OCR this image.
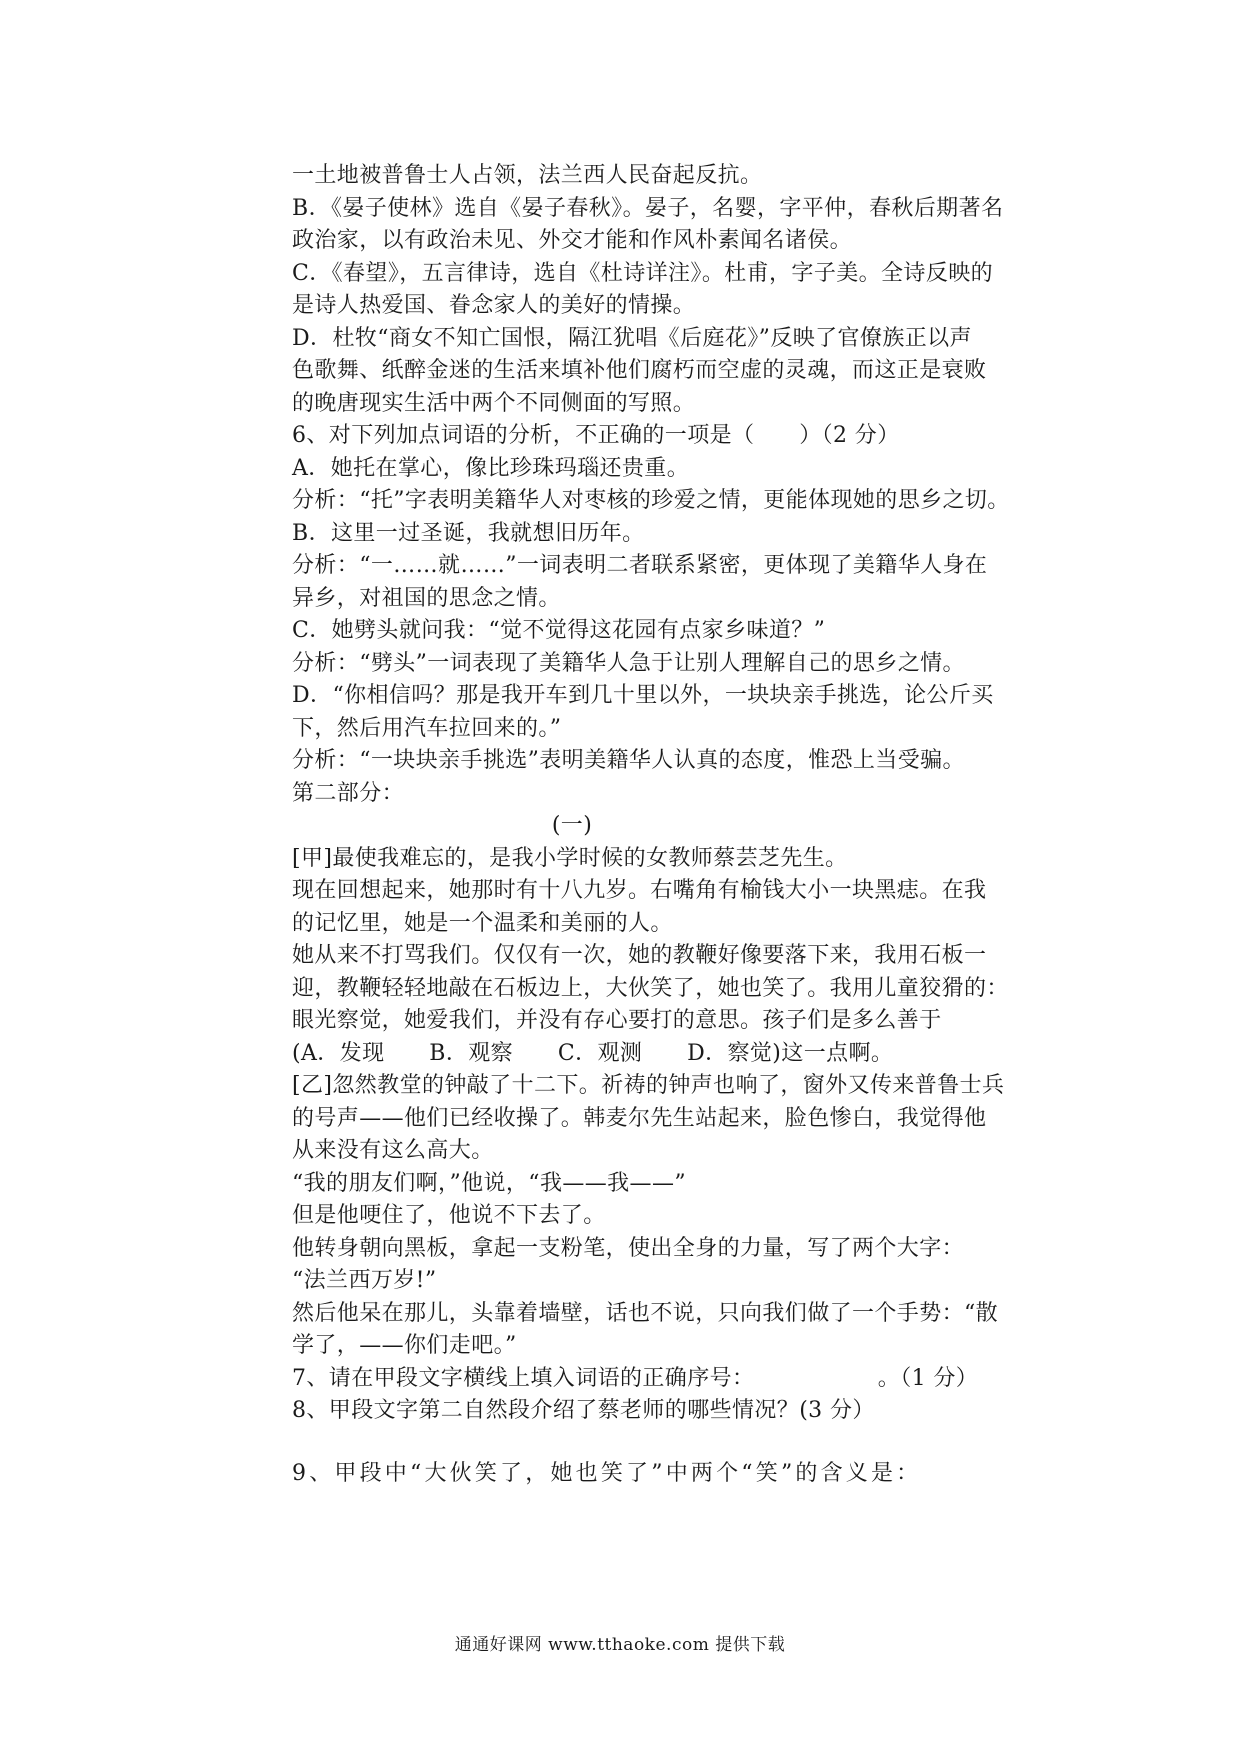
一土地被普鲁士人占领，法兰西人民奋起反抗。
B．《晏子使林》选自《晏子春秋》。晏子，名婴，字平仲，春秋后期著名
政治家，以有政治未见、外交才能和作风朴素闻名诸侯。
C．《春望》，五言律诗，选自《杜诗详注》。杜甫，字子美。全诗反映的
是诗人热爱国、眷念家人的美好的情操。
D．杜牧“商女不知亡国恨，隔江犹唱《后庭花》”反映了官僚族正以声
色歌舞、纸醉金迷的生活来填补他们腐朽而空虚的灵魂，而这正是衰败
的晚唐现实生活中两个不同侧面的写照。
6、对下列加点词语的分析，不正确的一项是（　　）（2 分）
A．她托在掌心，像比珍珠玛瑙还贵重。
分析：“托”字表明美籍华人对枣核的珍爱之情，更能体现她的思乡之切。
B．这里一过圣诞，我就想旧历年。
分析：“一……就……”一词表明二者联系紧密，更体现了美籍华人身在
异乡，对祖国的思念之情。
C．她劈头就问我：“觉不觉得这花园有点家乡味道？”
分析：“劈头”一词表现了美籍华人急于让别人理解自己的思乡之情。
D．“你相信吗？那是我开车到几十里以外，一块块亲手挑选，论公斤买
下，然后用汽车拉回来的。”
分析：“一块块亲手挑选”表明美籍华人认真的态度，惟恐上当受骗。
第二部分：
(一)
[甲]最使我难忘的，是我小学时候的女教师蔡芸芝先生。
现在回想起来，她那时有十八九岁。右嘴角有榆钱大小一块黑痣。在我
的记忆里，她是一个温柔和美丽的人。
她从来不打骂我们。仅仅有一次，她的教鞭好像要落下来，我用石板一
迎，教鞭轻轻地敲在石板边上，大伙笑了，她也笑了。我用儿童狡猾的：
眼光察觉，她爱我们，并没有存心要打的意思。孩子们是多么善于
(A．发现　　B．观察　　C．观测　　D．察觉)这一点啊。
[乙]忽然教堂的钟敲了十二下。祈祷的钟声也响了，窗外又传来普鲁士兵
的号声——他们已经收操了。韩麦尔先生站起来，脸色惨白，我觉得他
从来没有这么高大。
“我的朋友们啊，”他说，“我——我——”
但是他哽住了，他说不下去了。
他转身朝向黑板，拿起一支粉笔，使出全身的力量，写了两个大字：
“法兰西万岁!”
然后他呆在那儿，头靠着墙壁，话也不说，只向我们做了一个手势：“散
学了，——你们走吧。”
7、请在甲段文字横线上填入词语的正确序号：　　　　　　。（1 分）
8、甲段文字第二自然段介绍了蔡老师的哪些情况？(3 分）
9、甲段中“大伙笑了，她也笑了”中两个“笑”的含义是：
通通好课网 www.tthaoke.com 提供下载
